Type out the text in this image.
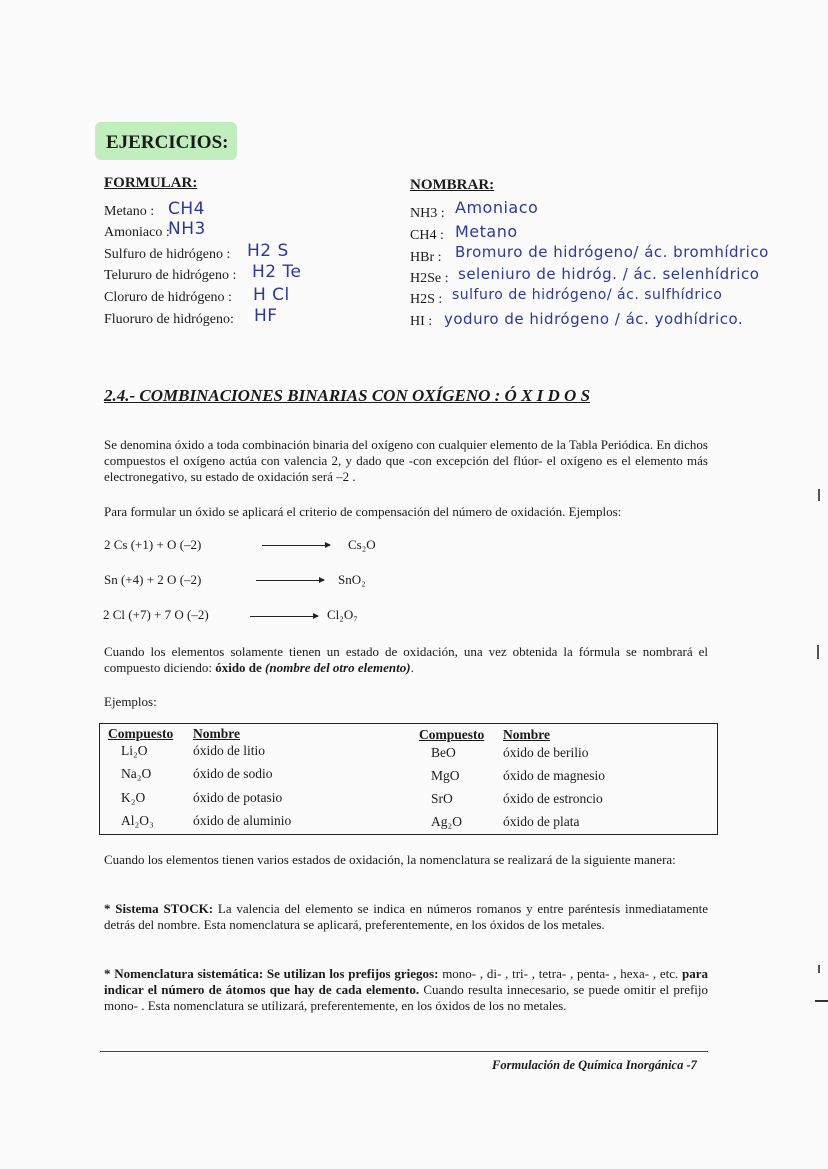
EJERCICIOS:
FORMULAR:	NOMBRAR:
Metano : CH4
Amoniaco :
NH3
Sulfuro de hidrógeno : H2 S
Telururo de hidrógeno : H2 Te
Cloruro de hidrógeno : H Cl
Fluoruro de hidrógeno: HF
NH3 : Amoniaco
CH4 : Metano
HBr : Bromuro de hidrógeno/ ác. bromhídrico
H2Se : seleniuro de hidróg. / ác. selenhídrico
H2S : sulfuro de hidrógeno/ ác. sulfhídrico
HI : yoduro de hidrógeno / ác. yodhídrico.
2.4.- COMBINACIONES BINARIAS CON OXÍGENO : Ó X I D O S
Se denomina óxido a toda combinación binaria del oxígeno con cualquier elemento de la Tabla Periódica. En dichos compuestos el oxígeno actúa con valencia 2, y dado que -con excepción del flúor- el oxígeno es el elemento más electronegativo, su estado de oxidación será –2 .
Para formular un óxido se aplicará el criterio de compensación del número de oxidación. Ejemplos:
2 Cs (+1) + O (–2)	Cs₂O
Sn (+4) + 2 O (–2)	SnO₂
2 Cl (+7) + 7 O (–2)	Cl₂O₇
Cuando los elementos solamente tienen un estado de oxidación, una vez obtenida la fórmula se nombrará el compuesto diciendo: óxido de (nombre del otro elemento).
Ejemplos:
Compuesto Nombre	Compuesto Nombre
Li₂O	óxido de litio
Na₂O	óxido de sodio
K₂O	óxido de potasio
Al₂O₃	óxido de aluminio
BeO	óxido de berilio
MgO	óxido de magnesio
SrO	óxido de estroncio
Ag₂O	óxido de plata
Cuando los elementos tienen varios estados de oxidación, la nomenclatura se realizará de la siguiente manera:
* Sistema STOCK: La valencia del elemento se indica en números romanos y entre paréntesis inmediatamente detrás del nombre. Esta nomenclatura se aplicará, preferentemente, en los óxidos de los metales.
* Nomenclatura sistemática: Se utilizan los prefijos griegos: mono- , di- , tri- , tetra- , penta- , hexa- , etc. para indicar el número de átomos que hay de cada elemento. Cuando resulta innecesario, se puede omitir el prefijo mono- . Esta nomenclatura se utilizará, preferentemente, en los óxidos de los no metales.
Formulación de Química Inorgánica -7
